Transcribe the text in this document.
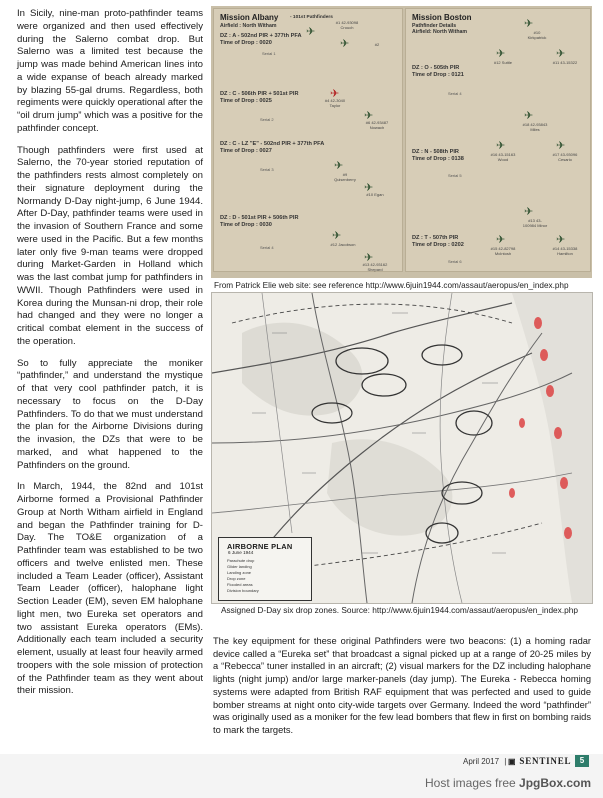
In Sicily, nine-man proto-pathfinder teams were organized and then used effectively during the Salerno combat drop. But Salerno was a limited test because the jump was made behind American lines into a wide expanse of beach already marked by blazing 55-gal drums. Regardless, both regiments were quickly operational after the “oil drum jump” which was a positive for the pathfinder concept.

Though pathfinders were first used at Salerno, the 70-year storied reputation of the pathfinders rests almost completely on their signature deployment during the Normandy D-Day night-jump, 6 June 1944. After D-Day, pathfinder teams were used in the invasion of Southern France and some were used in the Pacific. But a few months later only five 9-man teams were dropped during Market-Garden in Holland which was the last combat jump for pathfinders in WWII. Though Pathfinders were used in Korea during the Munsan-ni drop, their role had changed and they were no longer a critical combat element in the success of the operation.

So to fully appreciate the moniker “pathfinder,” and understand the mystique of that very cool pathfinder patch, it is necessary to focus on the D-Day Pathfinders. To do that we must understand the plan for the Airborne Divisions during the invasion, the DZs that were to be marked, and what happened to the Pathfinders on the ground.

In March, 1944, the 82nd and 101st Airborne formed a Provisional Pathfinder Group at North Witham airfield in England and began the Pathfinder training for D-Day. The TO&E organization of a Pathfinder team was established to be two officers and twelve enlisted men. These included a Team Leader (officer), Assistant Team Leader (officer), halophane light Section Leader (EM), seven EM halophane light men, two Eureka set operators and two assistant Eureka operators (EMs). Additionally each team included a security element, usually at least four heavily armed troopers with the sole mission of protection of the Pathfinder team as they went about their mission.

Mission Albany - 101st Pathfinders
Airfield : North Witham
DZ : A - 502nd PIR + 377th PFA
Time of Drop : 0020
✈
#1 42-93098 Crouch
✈	#2
Serial 1
DZ : C - 506th PIR + 501st PIR
Time of Drop : 0025
✈
#4 42-3040 Taylor
✈
#6 42-93487 Nowach
Serial 2
DZ : C - LZ "E" - 502nd PIR + 377th PFA
Time of Drop : 0027
✈
#9 Quisenberry
✈
#10 Egan
Serial 3
DZ : D - 501st PIR + 506th PIR
Time of Drop : 0030
✈
#12 Jacobson
✈
#13 42-93162 Shepard
Serial 4
Mission Boston
Pathfinder Details
Airfield: North Witham
✈
#10 Kirkpatrick
✈
#12 Suttle
✈
#11 43-15322
DZ : O - 505th PIR
Time of Drop : 0121
Serial 4
✈
#18 42-93843 Miles
DZ : N - 508th PIR
Time of Drop : 0138
✈
#16 43-15163 Wood
✈
#17 43-93096 Cesario
Serial 5
✈
#13 43-100984 Minor
DZ : T - 507th PIR
Time of Drop : 0202	✈
#15 42-82798 McIntosh
✈
#14 43-15338 Hamilton
Serial 6
From Patrick Elie web site: see reference http://www.6juin1944.com/assaut/aeropus/en_index.php
AIRBORNE PLAN
6 June 1944
Parachute drop
Glider landing
Landing zone
Drop zone
Flooded areas
Division boundary
Assigned D-Day six drop zones. Source: http://www.6juin1944.com/assaut/aeropus/en_index.php

The key equipment for these original Pathfinders were two beacons: (1) a homing radar device called a “Eureka set” that broadcast a signal picked up at a range of 20-25 miles by a “Rebecca” tuner installed in an aircraft; (2) visual markers for the DZ including halophane lights (night jump) and/or large marker-panels (day jump). The Eureka - Rebecca homing systems were adapted from British RAF equipment that was perfected and used to guide bomber streams at night onto city-wide targets over Germany. Indeed the word “pathfinder” was originally used as a moniker for the few lead bombers that flew in first on bombing raids to mark the targets.

April 2017 | ▣ SENTINEL	5
Host images free JpgBox.com
